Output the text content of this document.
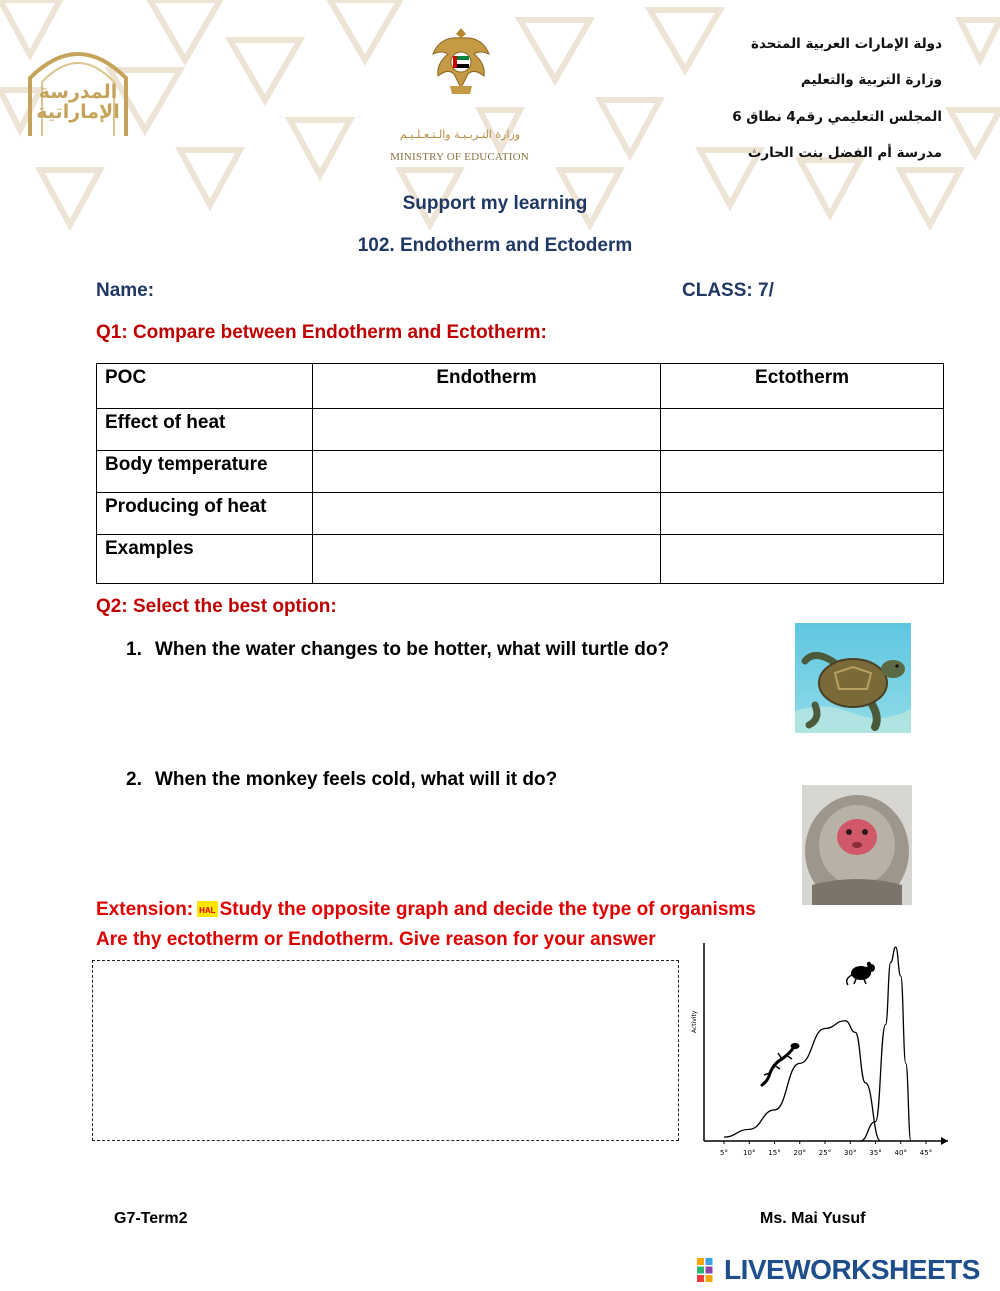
المدرسة الإماراتية
وزارة التـربـيـة والـتـعـلـيـم
MINISTRY OF EDUCATION
دولة الإمارات العربية المتحدة
وزارة التربية والتعليم
المجلس التعليمي رقم4 نطاق 6
مدرسة أم الفضل بنت الحارث
Support my learning
102. Endotherm and Ectoderm
Name:	CLASS: 7/
Q1: Compare between Endotherm and Ectotherm:
POC	Endotherm	Ectotherm
Effect of heat		
Body temperature		
Producing of heat		
Examples		
Q2: Select the best option:
1. When the water changes to be hotter, what will turtle do?
2. When the monkey feels cold, what will it do?
Extension: HAL Study the opposite graph and decide the type of organisms
Are thy ectotherm or Endotherm. Give reason for your answer
Activity
5° 10° 15° 20° 25° 30° 35° 40° 45°
G7-Term2	Ms. Mai Yusuf
LIVEWORKSHEETS
